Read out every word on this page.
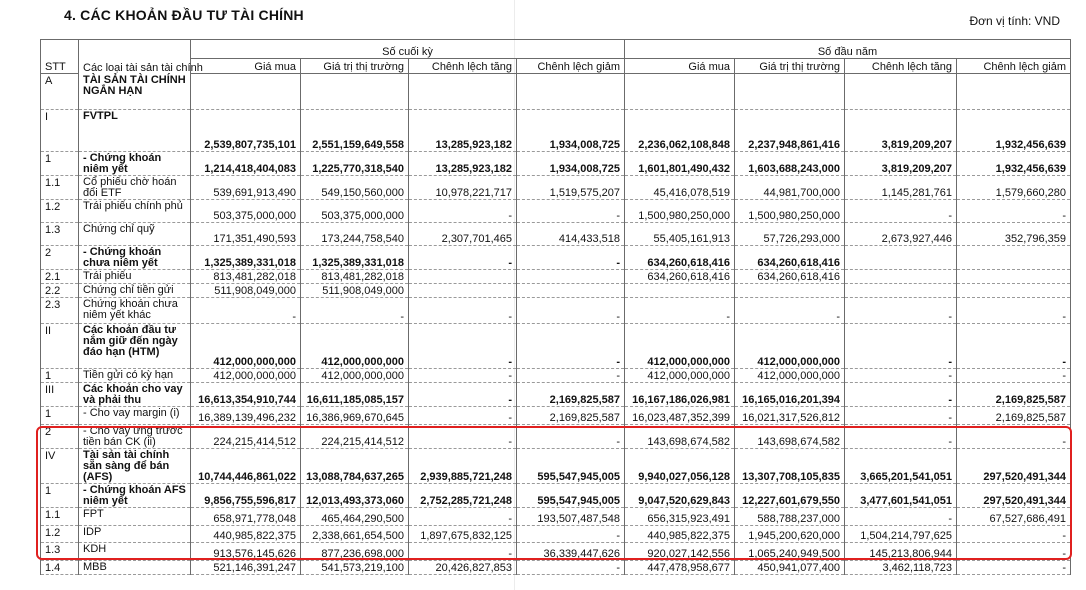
4. CÁC KHOẢN ĐẦU TƯ TÀI CHÍNH	Đơn vị tính: VND
	Các loại tài sản tài chính	Số cuối kỳ				Số đầu năm			
STT		Giá mua	Giá trị thị trường	Chênh lệch tăng	Chênh lệch giảm	Giá mua	Giá trị thị trường	Chênh lệch tăng	Chênh lệch giảm
A	TÀI SẢN TÀI CHÍNH NGẮN HẠN								
I	FVTPL	2,539,807,735,101	2,551,159,649,558	13,285,923,182	1,934,008,725	2,236,062,108,848	2,237,948,861,416	3,819,209,207	1,932,456,639
1	- Chứng khoán niêm yết	1,214,418,404,083	1,225,770,318,540	13,285,923,182	1,934,008,725	1,601,801,490,432	1,603,688,243,000	3,819,209,207	1,932,456,639
1.1	Cổ phiếu chờ hoán đổi ETF	539,691,913,490	549,150,560,000	10,978,221,717	1,519,575,207	45,416,078,519	44,981,700,000	1,145,281,761	1,579,660,280
1.2	Trái phiếu chính phủ	503,375,000,000	503,375,000,000	-	-	1,500,980,250,000	1,500,980,250,000	-	-
1.3	Chứng chỉ quỹ	171,351,490,593	173,244,758,540	2,307,701,465	414,433,518	55,405,161,913	57,726,293,000	2,673,927,446	352,796,359
2	- Chứng khoán chưa niêm yết	1,325,389,331,018	1,325,389,331,018	-	-	634,260,618,416	634,260,618,416		
2.1	Trái phiếu	813,481,282,018	813,481,282,018			634,260,618,416	634,260,618,416		
2.2	Chứng chỉ tiền gửi	511,908,049,000	511,908,049,000						
2.3	Chứng khoán chưa niêm yết khác	-	-	-	-	-	-	-	-
II	Các khoản đầu tư nắm giữ đến ngày đáo hạn (HTM)	412,000,000,000	412,000,000,000	-	-	412,000,000,000	412,000,000,000	-	-
1	Tiền gửi có kỳ hạn	412,000,000,000	412,000,000,000	-	-	412,000,000,000	412,000,000,000	-	-
III	Các khoản cho vay và phải thu	16,613,354,910,744	16,611,185,085,157	-	2,169,825,587	16,167,186,026,981	16,165,016,201,394	-	2,169,825,587
1	- Cho vay margin (i)	16,389,139,496,232	16,386,969,670,645	-	2,169,825,587	16,023,487,352,399	16,021,317,526,812	-	2,169,825,587
2	- Cho vay ứng trước tiền bán CK (ii)	224,215,414,512	224,215,414,512	-	-	143,698,674,582	143,698,674,582	-	-
IV	Tài sản tài chính sẵn sàng để bán (AFS)	10,744,446,861,022	13,088,784,637,265	2,939,885,721,248	595,547,945,005	9,940,027,056,128	13,307,708,105,835	3,665,201,541,051	297,520,491,344
1	- Chứng khoán AFS niêm yết	9,856,755,596,817	12,013,493,373,060	2,752,285,721,248	595,547,945,005	9,047,520,629,843	12,227,601,679,550	3,477,601,541,051	297,520,491,344
1.1	FPT	658,971,778,048	465,464,290,500	-	193,507,487,548	656,315,923,491	588,788,237,000	-	67,527,686,491
1.2	IDP	440,985,822,375	2,338,661,654,500	1,897,675,832,125	-	440,985,822,375	1,945,200,620,000	1,504,214,797,625	-
1.3	KDH	913,576,145,626	877,236,698,000	-	36,339,447,626	920,027,142,556	1,065,240,949,500	145,213,806,944	-
1.4	MBB	521,146,391,247	541,573,219,100	20,426,827,853	-	447,478,958,677	450,941,077,400	3,462,118,723	-
